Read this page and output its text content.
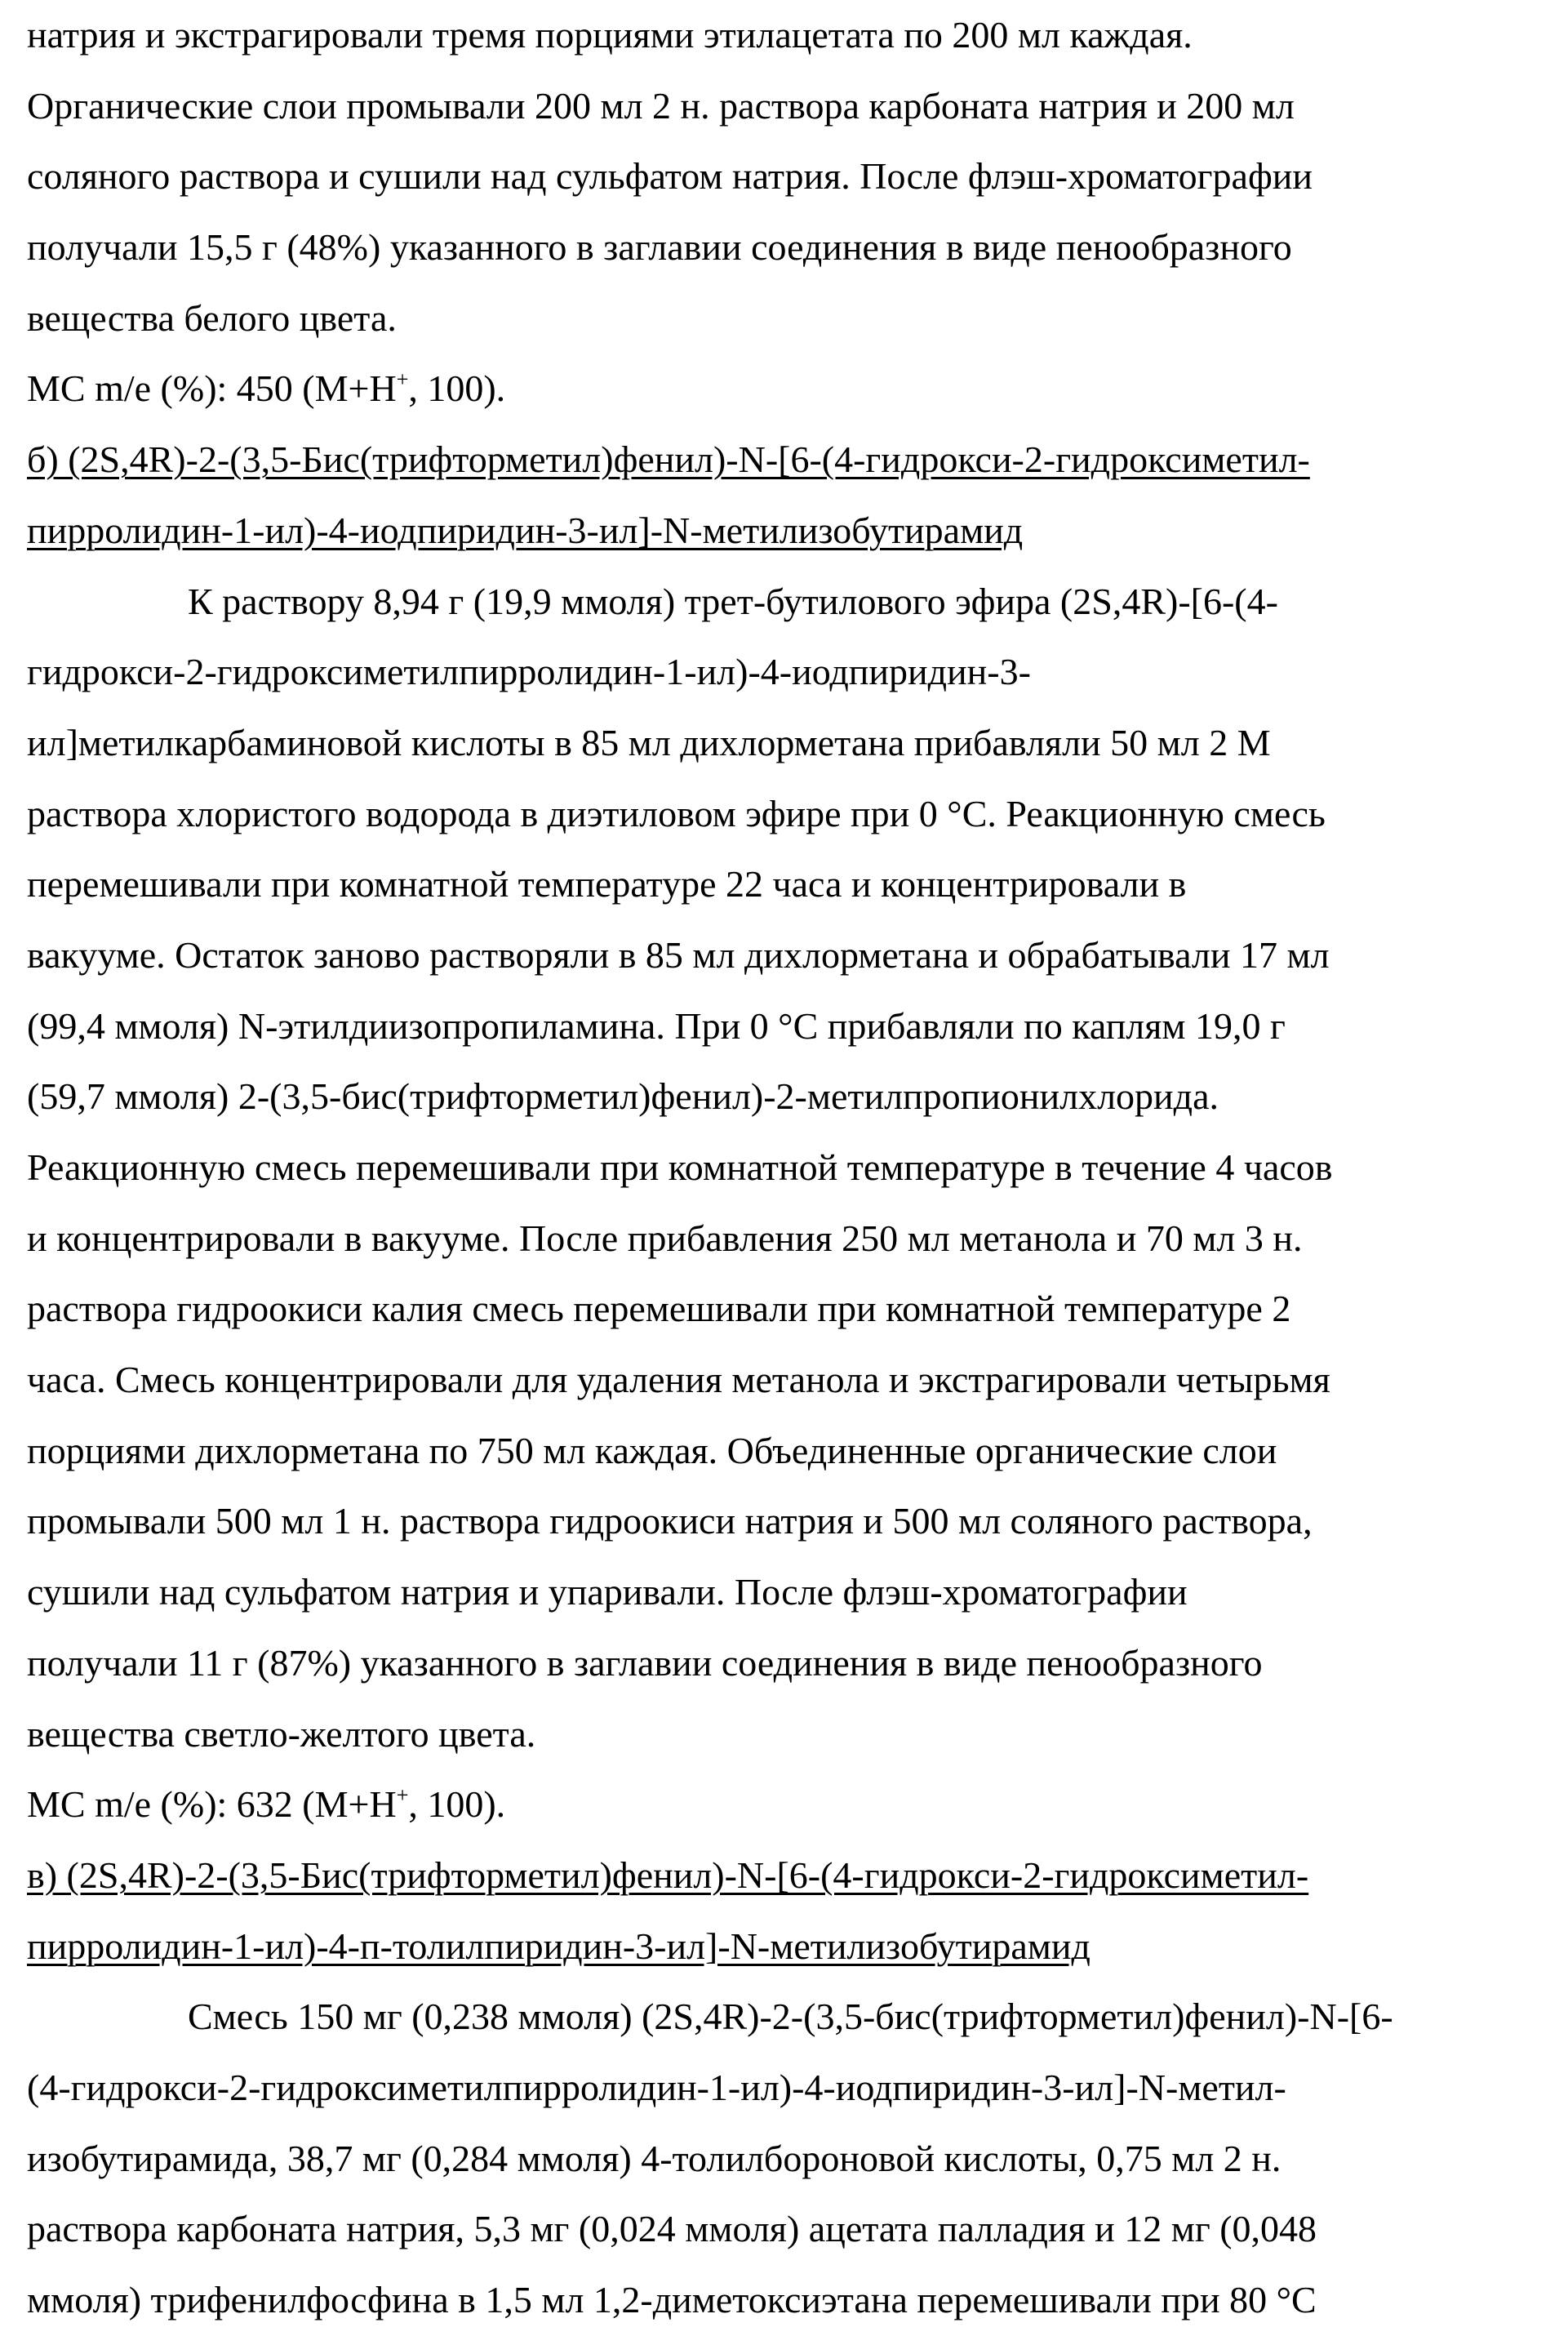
натрия и экстрагировали тремя порциями этилацетата по 200 мл каждая.
Органические слои промывали 200 мл 2 н. раствора карбоната натрия и 200 мл
соляного раствора и сушили над сульфатом натрия. После флэш-хроматографии
получали 15,5 г (48%) указанного в заглавии соединения в виде пенообразного
вещества белого цвета.
МС m/e (%): 450 (M+H+, 100).
б) (2S,4R)-2-(3,5-Бис(трифторметил)фенил)-N-[6-(4-гидрокси-2-гидроксиметил-
пирролидин-1-ил)-4-иодпиридин-3-ил]-N-метилизобутирамид
К раствору 8,94 г (19,9 ммоля) трет-бутилового эфира (2S,4R)-[6-(4-
гидрокси-2-гидроксиметилпирролидин-1-ил)-4-иодпиридин-3-
ил]метилкарбаминовой кислоты в 85 мл дихлорметана прибавляли 50 мл 2 М
раствора хлористого водорода в диэтиловом эфире при 0 °С. Реакционную смесь
перемешивали при комнатной температуре 22 часа и концентрировали в
вакууме. Остаток заново растворяли в 85 мл дихлорметана и обрабатывали 17 мл
(99,4 ммоля) N-этилдиизопропиламина. При 0 °С прибавляли по каплям 19,0 г
(59,7 ммоля) 2-(3,5-бис(трифторметил)фенил)-2-метилпропионилхлорида.
Реакционную смесь перемешивали при комнатной температуре в течение 4 часов
и концентрировали в вакууме. После прибавления 250 мл метанола и 70 мл 3 н.
раствора гидроокиси калия смесь перемешивали при комнатной температуре 2
часа. Смесь концентрировали для удаления метанола и экстрагировали четырьмя
порциями дихлорметана по 750 мл каждая. Объединенные органические слои
промывали 500 мл 1 н. раствора гидроокиси натрия и 500 мл соляного раствора,
сушили над сульфатом натрия и упаривали. После флэш-хроматографии
получали 11 г (87%) указанного в заглавии соединения в виде пенообразного
вещества светло-желтого цвета.
МС m/e (%): 632 (M+H+, 100).
в) (2S,4R)-2-(3,5-Бис(трифторметил)фенил)-N-[6-(4-гидрокси-2-гидроксиметил-
пирролидин-1-ил)-4-п-толилпиридин-3-ил]-N-метилизобутирамид
Смесь 150 мг (0,238 ммоля) (2S,4R)-2-(3,5-бис(трифторметил)фенил)-N-[6-
(4-гидрокси-2-гидроксиметилпирролидин-1-ил)-4-иодпиридин-3-ил]-N-метил-
изобутирамида, 38,7 мг (0,284 ммоля) 4-толилбороновой кислоты, 0,75 мл 2 н.
раствора карбоната натрия, 5,3 мг (0,024 ммоля) ацетата палладия и 12 мг (0,048
ммоля) трифенилфосфина в 1,5 мл 1,2-диметоксиэтана перемешивали при 80 °С
